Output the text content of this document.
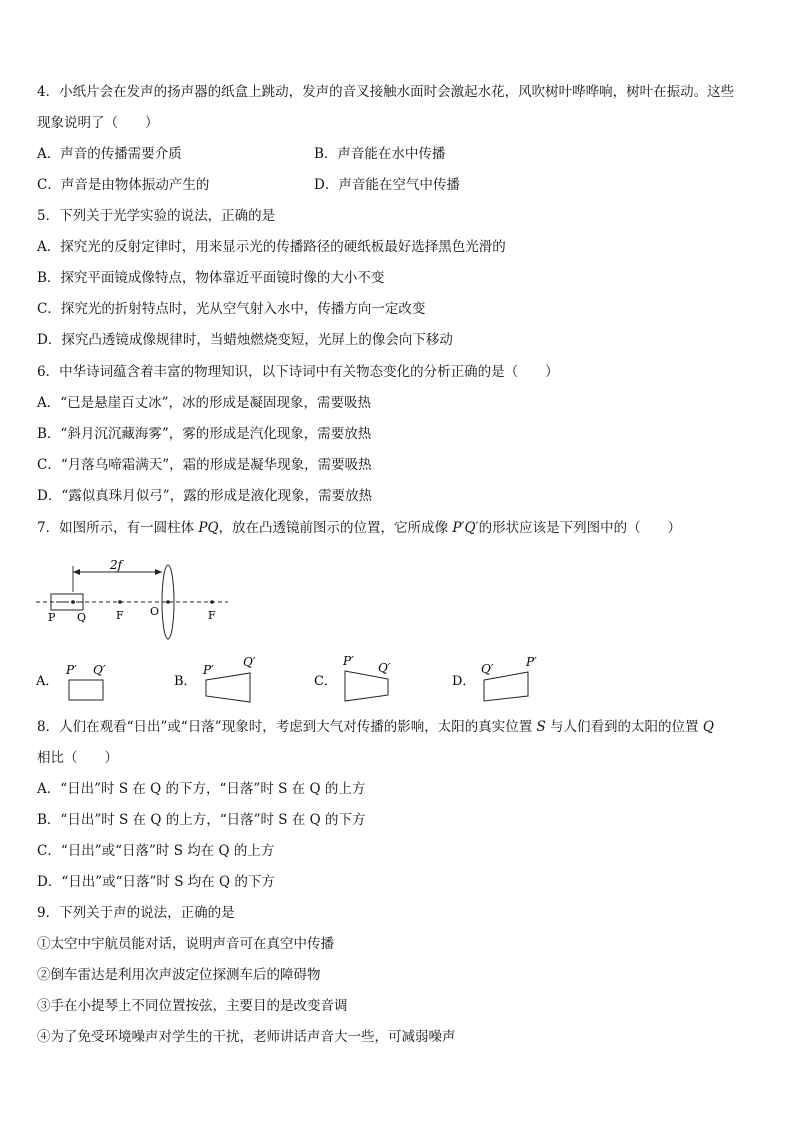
4．小纸片会在发声的扬声器的纸盒上跳动，发声的音叉接触水面时会激起水花，风吹树叶哗哗响，树叶在振动。这些
现象说明了（　　）
A．声音的传播需要介质	B．声音能在水中传播
C．声音是由物体振动产生的	D．声音能在空气中传播
5．下列关于光学实验的说法，正确的是
A．探究光的反射定律时，用来显示光的传播路径的硬纸板最好选择黑色光滑的
B．探究平面镜成像特点，物体靠近平面镜时像的大小不变
C．探究光的折射特点时，光从空气射入水中，传播方向一定改变
D．探究凸透镜成像规律时，当蜡烛燃烧变短，光屏上的像会向下移动
6．中华诗词蕴含着丰富的物理知识，以下诗词中有关物态变化的分析正确的是（　　）
A．“已是悬崖百丈冰”，冰的形成是凝固现象，需要吸热
B．“斜月沉沉藏海雾”，雾的形成是汽化现象，需要放热
C．“月落乌啼霜满天”，霜的形成是凝华现象，需要吸热
D．“露似真珠月似弓”，露的形成是液化现象，需要放热
7．如图所示，有一圆柱体 PQ，放在凸透镜前图示的位置，它所成像 P′Q′的形状应该是下列图中的（　　）
2f
P Q	F O	F
A．
P′ Q′
B．
P′
Q′
C．
P′ Q′
D．
Q′	P′
8．人们在观看“日出”或“日落”现象时，考虑到大气对传播的影响，太阳的真实位置 S 与人们看到的太阳的位置 Q
相比（　　）
A．“日出”时 S 在 Q 的下方，“日落”时 S 在 Q 的上方
B．“日出”时 S 在 Q 的上方，“日落”时 S 在 Q 的下方
C．“日出”或“日落”时 S 均在 Q 的上方
D．“日出”或“日落”时 S 均在 Q 的下方
9．下列关于声的说法，正确的是
①太空中宇航员能对话，说明声音可在真空中传播
②倒车雷达是利用次声波定位探测车后的障碍物
③手在小提琴上不同位置按弦，主要目的是改变音调
④为了免受环境噪声对学生的干扰，老师讲话声音大一些，可减弱噪声
